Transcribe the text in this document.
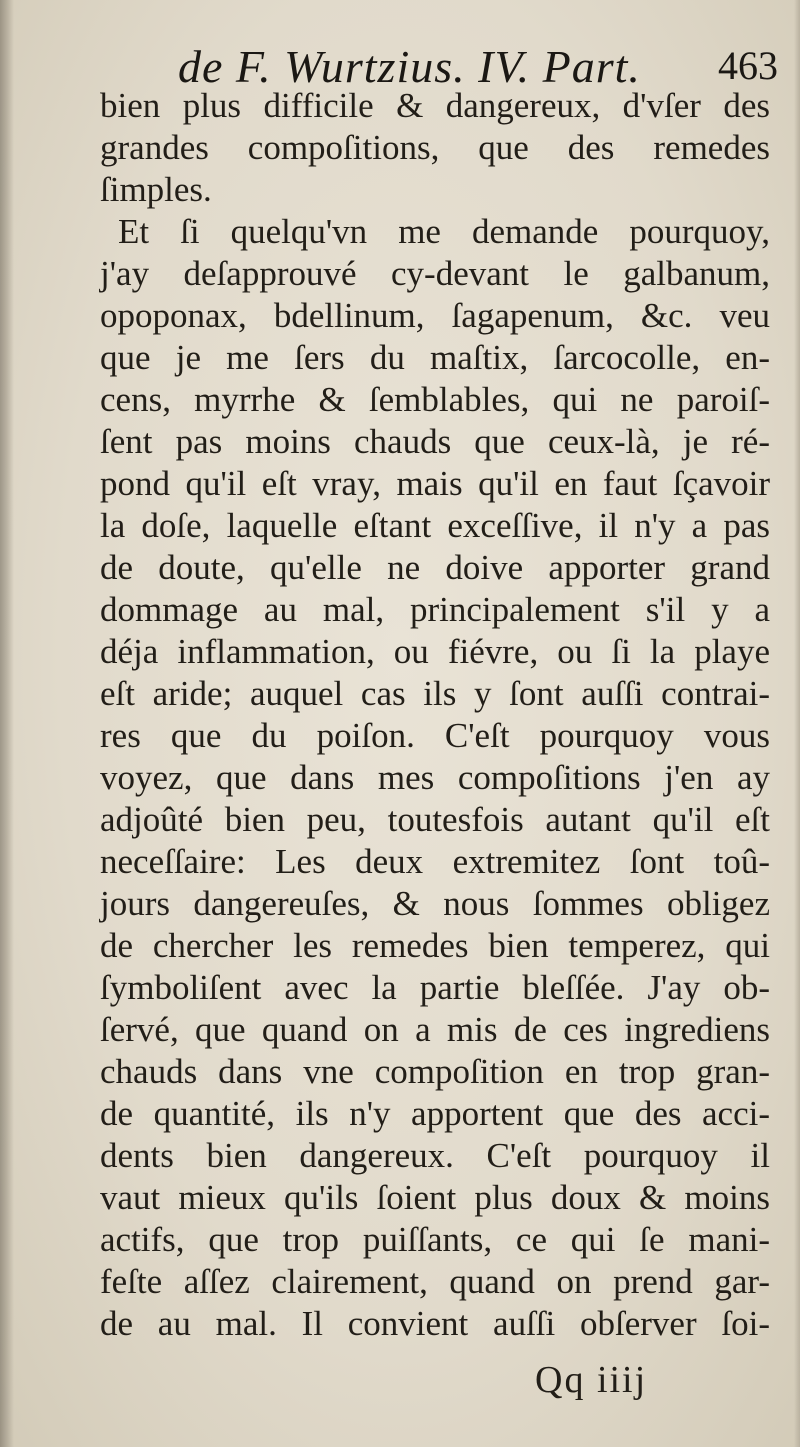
de F. Wurtzius. IV. Part. 463
bien plus difficile & dangereux, d'vſer des
grandes compoſitions, que des remedes
ſimples.
Et ſi quelqu'vn me demande pourquoy,
j'ay deſapprouvé cy-devant le galbanum,
opoponax, bdellinum, ſagapenum, &c. veu
que je me ſers du maſtix, ſarcocolle, en-
cens, myrrhe & ſemblables, qui ne paroiſ-
ſent pas moins chauds que ceux-là, je ré-
pond qu'il eſt vray, mais qu'il en faut ſçavoir
la doſe, laquelle eſtant exceſſive, il n'y a pas
de doute, qu'elle ne doive apporter grand
dommage au mal, principalement s'il y a
déja inflammation, ou fiévre, ou ſi la playe
eſt aride; auquel cas ils y ſont auſſi contrai-
res que du poiſon. C'eſt pourquoy vous
voyez, que dans mes compoſitions j'en ay
adjoûté bien peu, toutesfois autant qu'il eſt
neceſſaire: Les deux extremitez ſont toû-
jours dangereuſes, & nous ſommes obligez
de chercher les remedes bien temperez, qui
ſymboliſent avec la partie bleſſée. J'ay ob-
ſervé, que quand on a mis de ces ingrediens
chauds dans vne compoſition en trop gran-
de quantité, ils n'y apportent que des acci-
dents bien dangereux. C'eſt pourquoy il
vaut mieux qu'ils ſoient plus doux & moins
actifs, que trop puiſſants, ce qui ſe mani-
feſte aſſez clairement, quand on prend gar-
de au mal. Il convient auſſi obſerver ſoi-
Qq iiij
